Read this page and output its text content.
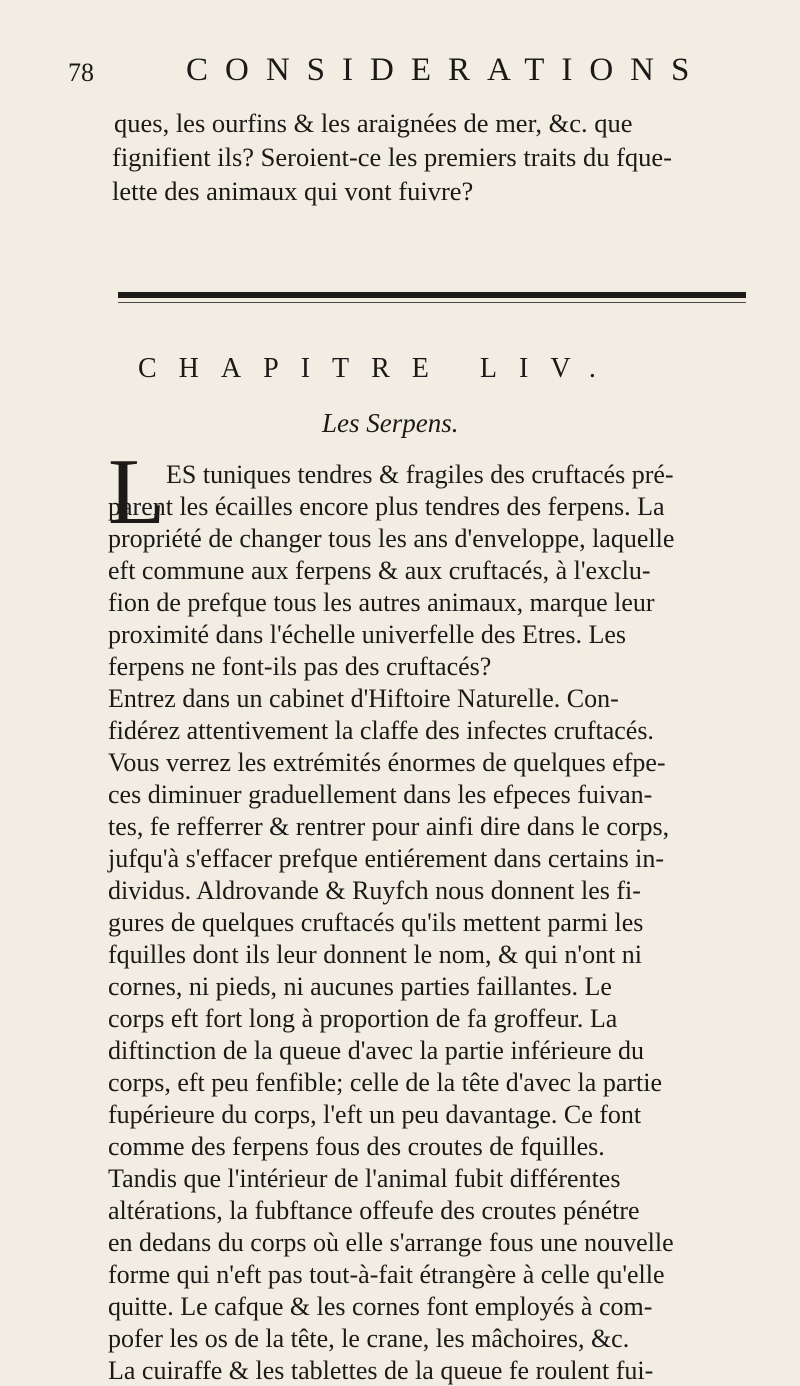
78	CONSIDERATIONS
ques, les ourfins & les araignées de mer, &c. que
fignifient ils? Seroient-ce les premiers traits du fque-
lette des animaux qui vont fuivre?
CHAPITRE LIV.
Les Serpens.
L ES tuniques tendres & fragiles des cruftacés pré-
parent les écailles encore plus tendres des ferpens. La
propriété de changer tous les ans d'enveloppe, laquelle
eft commune aux ferpens & aux cruftacés, à l'exclu-
fion de prefque tous les autres animaux, marque leur
proximité dans l'échelle univerfelle des Etres. Les
ferpens ne font-ils pas des cruftacés?
Entrez dans un cabinet d'Hiftoire Naturelle. Con-
fidérez attentivement la claffe des infectes cruftacés.
Vous verrez les extrémités énormes de quelques efpe-
ces diminuer graduellement dans les efpeces fuivan-
tes, fe refferrer & rentrer pour ainfi dire dans le corps,
jufqu'à s'effacer prefque entiérement dans certains in-
dividus. Aldrovande & Ruyfch nous donnent les fi-
gures de quelques cruftacés qu'ils mettent parmi les
fquilles dont ils leur donnent le nom, & qui n'ont ni
cornes, ni pieds, ni aucunes parties faillantes. Le
corps eft fort long à proportion de fa groffeur. La
diftinction de la queue d'avec la partie inférieure du
corps, eft peu fenfible; celle de la tête d'avec la partie
fupérieure du corps, l'eft un peu davantage. Ce font
comme des ferpens fous des croutes de fquilles.
Tandis que l'intérieur de l'animal fubit différentes
altérations, la fubftance offeufe des croutes pénétre
en dedans du corps où elle s'arrange fous une nouvelle
forme qui n'eft pas tout-à-fait étrangère à celle qu'elle
quitte. Le cafque & les cornes font employés à com-
pofer les os de la tête, le crane, les mâchoires, &c.
La cuiraffe & les tablettes de la queue fe roulent fui-
